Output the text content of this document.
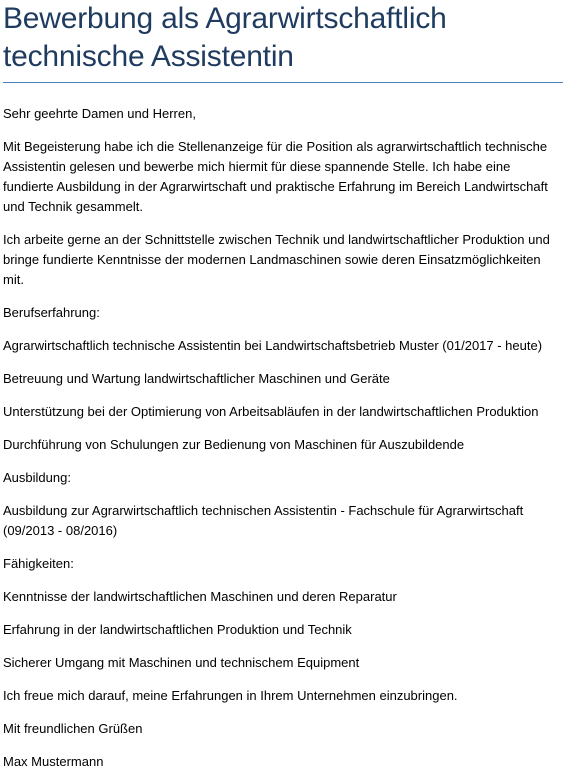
Bewerbung als Agrarwirtschaftlich technische Assistentin

Sehr geehrte Damen und Herren,

Mit Begeisterung habe ich die Stellenanzeige für die Position als agrarwirtschaftlich technische Assistentin gelesen und bewerbe mich hiermit für diese spannende Stelle. Ich habe eine fundierte Ausbildung in der Agrarwirtschaft und praktische Erfahrung im Bereich Landwirtschaft und Technik gesammelt.

Ich arbeite gerne an der Schnittstelle zwischen Technik und landwirtschaftlicher Produktion und bringe fundierte Kenntnisse der modernen Landmaschinen sowie deren Einsatzmöglichkeiten mit.

Berufserfahrung:

Agrarwirtschaftlich technische Assistentin bei Landwirtschaftsbetrieb Muster (01/2017 - heute)

Betreuung und Wartung landwirtschaftlicher Maschinen und Geräte

Unterstützung bei der Optimierung von Arbeitsabläufen in der landwirtschaftlichen Produktion

Durchführung von Schulungen zur Bedienung von Maschinen für Auszubildende

Ausbildung:

Ausbildung zur Agrarwirtschaftlich technischen Assistentin - Fachschule für Agrarwirtschaft (09/2013 - 08/2016)

Fähigkeiten:

Kenntnisse der landwirtschaftlichen Maschinen und deren Reparatur

Erfahrung in der landwirtschaftlichen Produktion und Technik

Sicherer Umgang mit Maschinen und technischem Equipment

Ich freue mich darauf, meine Erfahrungen in Ihrem Unternehmen einzubringen.

Mit freundlichen Grüßen

Max Mustermann
